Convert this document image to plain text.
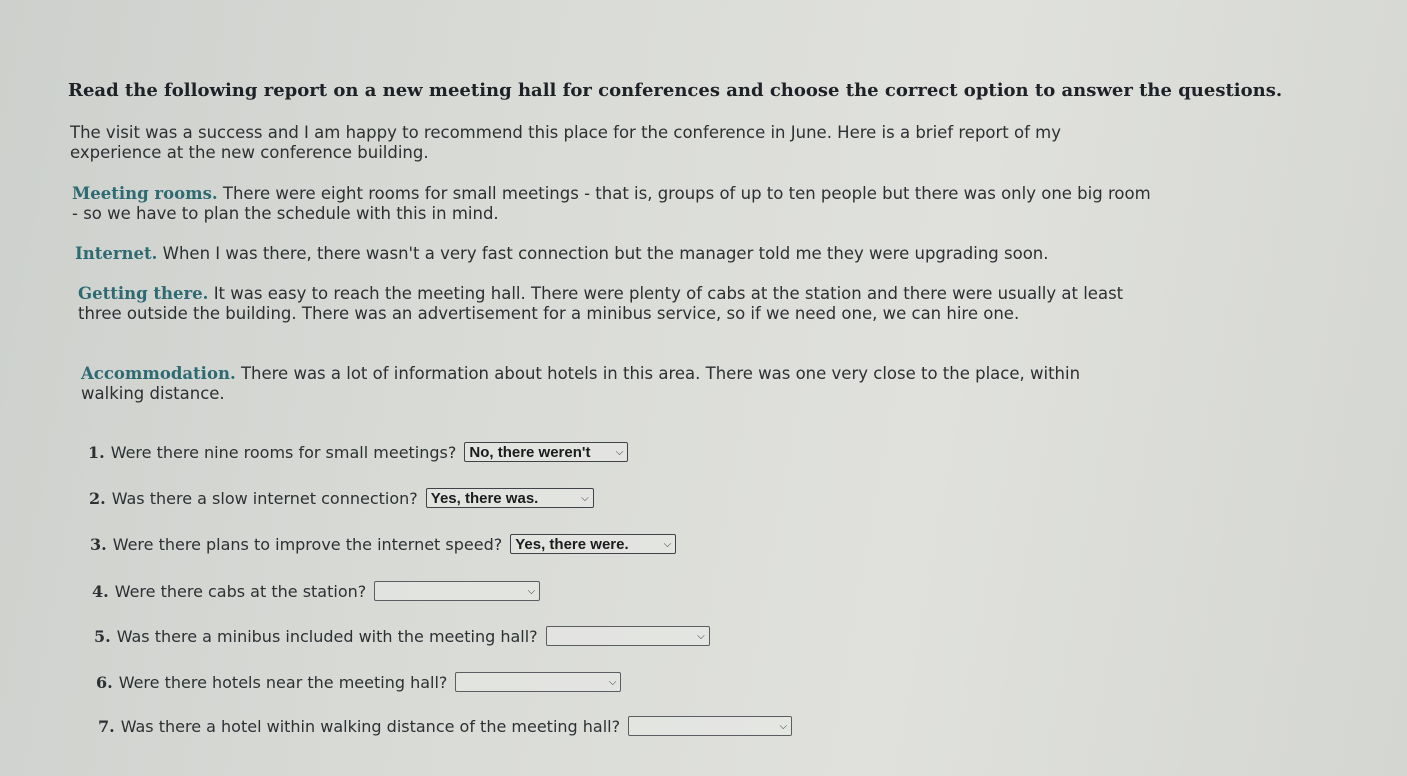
Read the following report on a new meeting hall for conferences and choose the correct option to answer the questions.
The visit was a success and I am happy to recommend this place for the conference in June. Here is a brief report of my experience at the new conference building.
Meeting rooms. There were eight rooms for small meetings - that is, groups of up to ten people but there was only one big room - so we have to plan the schedule with this in mind.
Internet. When I was there, there wasn't a very fast connection but the manager told me they were upgrading soon.
Getting there. It was easy to reach the meeting hall. There were plenty of cabs at the station and there were usually at least three outside the building. There was an advertisement for a minibus service, so if we need one, we can hire one.
Accommodation. There was a lot of information about hotels in this area. There was one very close to the place, within walking distance.
1. Were there nine rooms for small meetings? No, there weren't	⌵
2. Was there a slow internet connection? Yes, there was.	⌵
3. Were there plans to improve the internet speed? Yes, there were.	⌵
4. Were there cabs at the station?	⌵
5. Was there a minibus included with the meeting hall?	⌵
6. Were there hotels near the meeting hall?	⌵
7. Was there a hotel within walking distance of the meeting hall?	⌵
